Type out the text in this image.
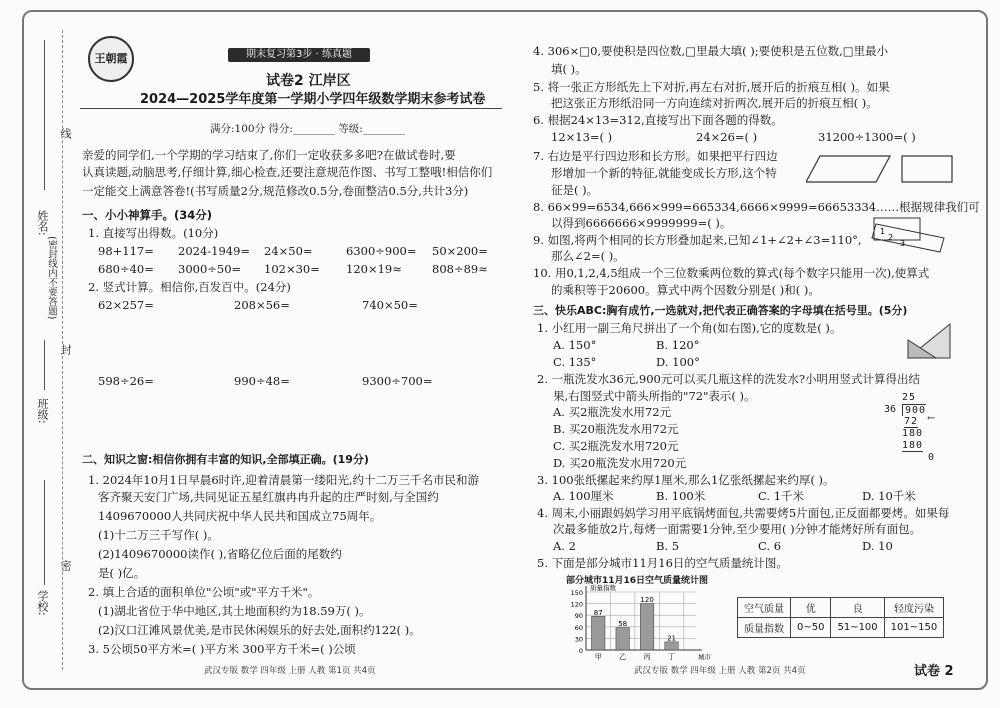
姓名:
班级:
学校:
(密封线内不要答题)
线
封
密
王朝霞	期末复习第3步 · 练真题
试卷2 江岸区
2024—2025学年度第一学期小学四年级数学期末参考试卷
满分:100分 得分:________ 等级:________
亲爱的同学们,一个学期的学习结束了,你们一定收获多多吧?在做试卷时,要
认真读题,动脑思考,仔细计算,细心检查,还要注意规范作图、书写工整哦!相信你们
一定能交上满意答卷!(书写质量2分,规范修改0.5分,卷面整洁0.5分,共计3分)
一、小小神算手。(34分)
1. 直接写出得数。(10分)
98+117= 2024-1949= 24×50=	6300÷900= 50×200=
680÷40= 3000÷50= 102×30= 120×19≈	808÷89≈
2. 竖式计算。相信你,百发百中。(24分)
62×257=	208×56=	740×50=
598÷26=	990÷48=	9300÷700=
二、知识之窗:相信你拥有丰富的知识,全部填正确。(19分)
1. 2024年10月1日早晨6时许,迎着清晨第一缕阳光,约十二万三千名市民和游
客齐聚天安门广场,共同见证五星红旗冉冉升起的庄严时刻,与全国约
1409670000人共同庆祝中华人民共和国成立75周年。
(1)十二万三千写作( )。
(2)1409670000读作( ),省略亿位后面的尾数约
是( )亿。
2. 填上合适的面积单位"公顷"或"平方千米"。
(1)湖北省位于华中地区,其土地面积约为18.59万( )。
(2)汉口江滩风景优美,是市民休闲娱乐的好去处,面积约122( )。
3. 5公顷50平方米=( )平方米 300平方千米=( )公顷
4. 306×□0,要使积是四位数,□里最大填( );要使积是五位数,□里最小
填( )。
5. 将一张正方形纸先上下对折,再左右对折,展开后的折痕互相( )。如果
把这张正方形纸沿同一方向连续对折两次,展开后的折痕互相( )。
6. 根据24×13=312,直接写出下面各题的得数。
12×13=( )	24×26=( )	31200÷1300=( )
7. 右边是平行四边形和长方形。如果把平行四边
形增加一个新的特征,就能变成长方形,这个特
征是( )。
8. 66×99=6534,666×999=665334,6666×9999=66653334……根据规律我们可
以得到6666666×9999999=( )。
9. 如图,将两个相同的长方形叠加起来,已知∠1+∠2+∠3=110°,
那么∠2=( )。
1
2
3
10. 用0,1,2,4,5组成一个三位数乘两位数的算式(每个数字只能用一次),使算式
的乘积等于20600。算式中两个因数分别是( )和( )。
三、快乐ABC:胸有成竹,一选就对,把代表正确答案的字母填在括号里。(5分)
1. 小红用一副三角尺拼出了一个角(如右图),它的度数是( )。
A. 150°	B. 120°
C. 135°	D. 100°
2. 一瓶洗发水36元,900元可以买几瓶这样的洗发水?小明用竖式计算得出结
果,右图竖式中箭头所指的"72"表示( )。
A. 买2瓶洗发水用72元
B. 买20瓶洗发水用72元
C. 买2瓶洗发水用720元
D. 买20瓶洗发水用720元
25
36 900
72 ←
180
180
0
3. 100张纸摞起来约厚1厘米,那么1亿张纸摞起来约厚( )。
A. 100厘米	B. 100米	C. 1千米	D. 10千米
4. 周末,小丽跟妈妈学习用平底锅烤面包,共需要烤5片面包,正反面都要烤。如果每
次最多能放2片,每烤一面需要1分钟,至少要用( )分钟才能烤好所有面包。
A. 2	B. 5	C. 6	D. 10
5. 下面是部分城市11月16日的空气质量统计图。
部分城市11月16日空气质量统计图
0
30
60
90
120
150
质量指数
城市
87
甲
58
乙
120
丙
21
丁
空气质量	优	良	轻度污染
质量指数	0~50	51~100	101~150
武汉专版 数学 四年级 上册 人教 第1页 共4页	武汉专版 数学 四年级 上册 人教 第2页 共4页	试卷 2
